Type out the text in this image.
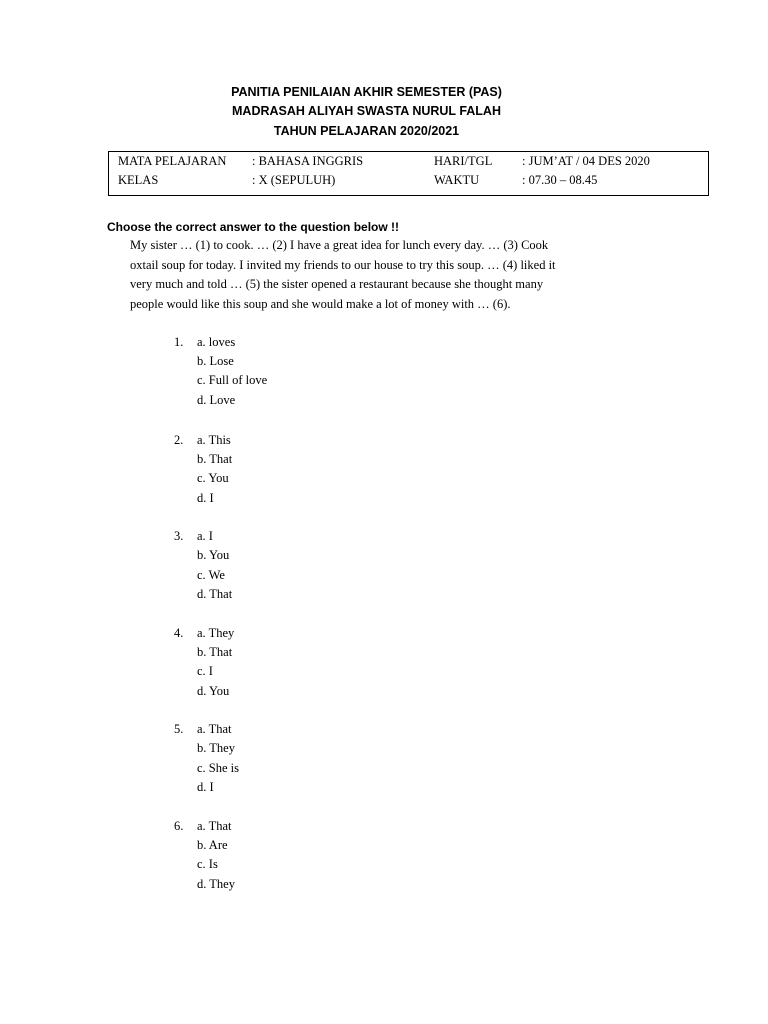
PANITIA PENILAIAN AKHIR SEMESTER (PAS)
MADRASAH ALIYAH SWASTA NURUL FALAH
TAHUN PELAJARAN 2020/2021
MATA PELAJARAN : BAHASA INGGRIS	HARI/TGL : JUM’AT / 04 DES 2020
KELAS	: X (SEPULUH)	WAKTU	: 07.30 – 08.45
Choose the correct answer to the question below !!
My sister … (1) to cook. … (2) I have a great idea for lunch every day. … (3) Cook
oxtail soup for today. I invited my friends to our house to try this soup. … (4) liked it
very much and told … (5) the sister opened a restaurant because she thought many
people would like this soup and she would make a lot of money with … (6).
1. a. loves
b. Lose
c. Full of love
d. Love
2. a. This
b. That
c. You
d. I
3. a. I
b. You
c. We
d. That
4. a. They
b. That
c. I
d. You
5. a. That
b. They
c. She is
d. I
6. a. That
b. Are
c. Is
d. They
